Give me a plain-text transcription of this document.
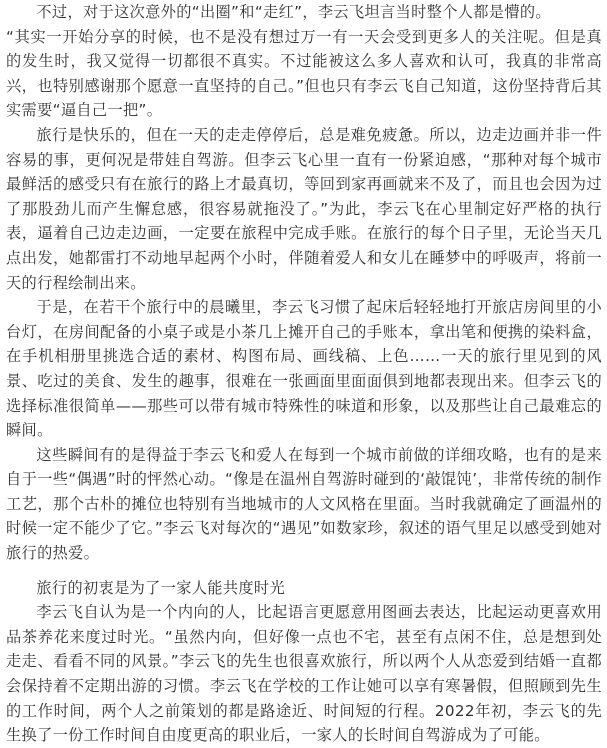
不过，对于这次意外的“出圈”和“走红”，李云飞坦言当时整个人都是懵的。

“其实一开始分享的时候，也不是没有想过万一有一天会受到更多人的关注呢。但是真的发生时，我又觉得一切都很不真实。不过能被这么多人喜欢和认可，我真的非常高兴，也特别感谢那个愿意一直坚持的自己。”但也只有李云飞自己知道，这份坚持背后其实需要“逼自己一把”。

旅行是快乐的，但在一天的走走停停后，总是难免疲惫。所以，边走边画并非一件容易的事，更何况是带娃自驾游。但李云飞心里一直有一份紧迫感，“那种对每个城市最鲜活的感受只有在旅行的路上才最真切，等回到家再画就来不及了，而且也会因为过了那股劲儿而产生懈怠感，很容易就拖没了。”为此，李云飞在心里制定好严格的执行表，逼着自己边走边画，一定要在旅程中完成手账。在旅行的每个日子里，无论当天几点出发，她都雷打不动地早起两个小时，伴随着爱人和女儿在睡梦中的呼吸声，将前一天的行程绘制出来。

于是，在若干个旅行中的晨曦里，李云飞习惯了起床后轻轻地打开旅店房间里的小台灯，在房间配备的小桌子或是小茶几上摊开自己的手账本，拿出笔和便携的染料盒，在手机相册里挑选合适的素材、构图布局、画线稿、上色……一天的旅行里见到的风景、吃过的美食、发生的趣事，很难在一张画面里面面俱到地都表现出来。但李云飞的选择标准很简单——那些可以带有城市特殊性的味道和形象，以及那些让自己最难忘的瞬间。

这些瞬间有的是得益于李云飞和爱人在每到一个城市前做的详细攻略，也有的是来自于一些“偶遇”时的怦然心动。“像是在温州自驾游时碰到的‘敲馄饨’，非常传统的制作工艺，那个古朴的摊位也特别有当地城市的人文风格在里面。当时我就确定了画温州的时候一定不能少了它。”李云飞对每次的“遇见”如数家珍，叙述的语气里足以感受到她对旅行的热爱。

旅行的初衷是为了一家人能共度时光

李云飞自认为是一个内向的人，比起语言更愿意用图画去表达，比起运动更喜欢用品茶养花来度过时光。“虽然内向，但好像一点也不宅，甚至有点闲不住，总是想到处走走、看看不同的风景。”李云飞的先生也很喜欢旅行，所以两个人从恋爱到结婚一直都会保持着不定期出游的习惯。李云飞在学校的工作让她可以享有寒暑假，但照顾到先生的工作时间，两个人之前策划的都是路途近、时间短的行程。2022年初，李云飞的先生换了一份工作时间自由度更高的职业后，一家人的长时间自驾游成为了可能。
